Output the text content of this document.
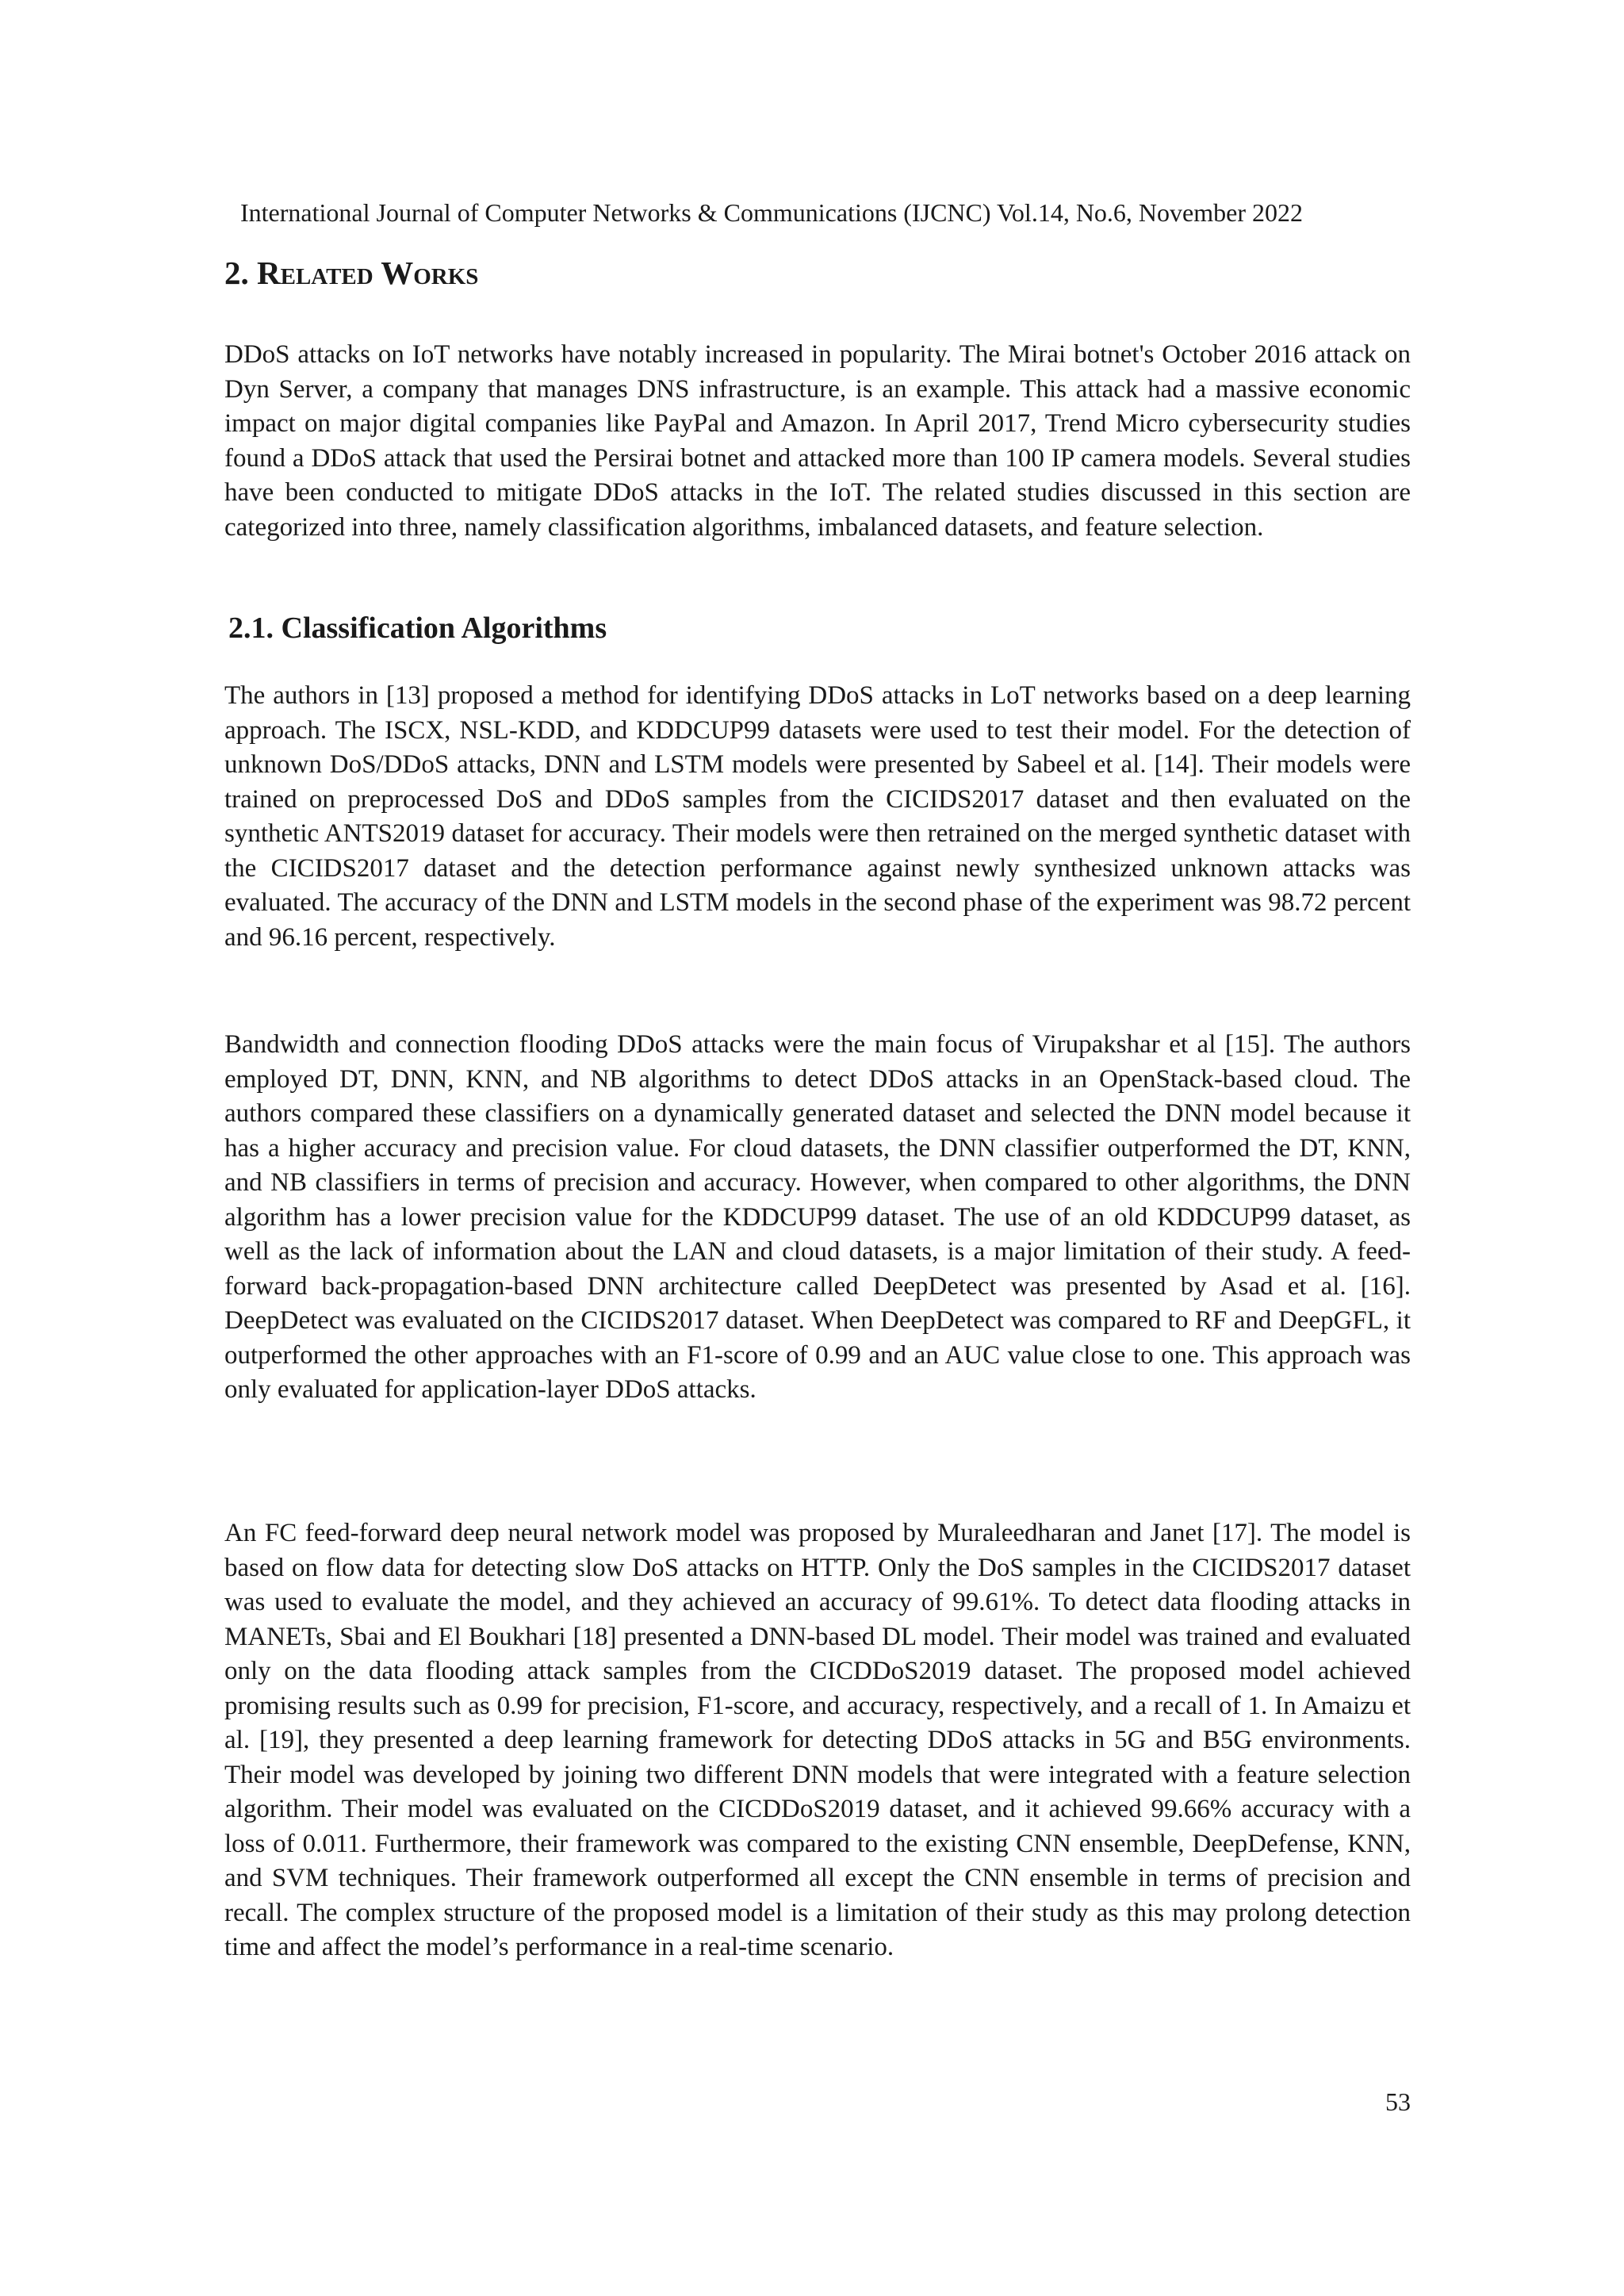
International Journal of Computer Networks & Communications (IJCNC) Vol.14, No.6, November 2022
2. Related Works

DDoS attacks on IoT networks have notably increased in popularity. The Mirai botnet's October 2016 attack on Dyn Server, a company that manages DNS infrastructure, is an example. This attack had a massive economic impact on major digital companies like PayPal and Amazon. In April 2017, Trend Micro cybersecurity studies found a DDoS attack that used the Persirai botnet and attacked more than 100 IP camera models. Several studies have been conducted to mitigate DDoS attacks in the IoT. The related studies discussed in this section are categorized into three, namely classification algorithms, imbalanced datasets, and feature selection.

2.1. Classification Algorithms

The authors in [13] proposed a method for identifying DDoS attacks in LoT networks based on a deep learning approach. The ISCX, NSL-KDD, and KDDCUP99 datasets were used to test their model. For the detection of unknown DoS/DDoS attacks, DNN and LSTM models were presented by Sabeel et al. [14]. Their models were trained on preprocessed DoS and DDoS samples from the CICIDS2017 dataset and then evaluated on the synthetic ANTS2019 dataset for accuracy. Their models were then retrained on the merged synthetic dataset with the CICIDS2017 dataset and the detection performance against newly synthesized unknown attacks was evaluated. The accuracy of the DNN and LSTM models in the second phase of the experiment was 98.72 percent and 96.16 percent, respectively.

Bandwidth and connection flooding DDoS attacks were the main focus of Virupakshar et al [15]. The authors employed DT, DNN, KNN, and NB algorithms to detect DDoS attacks in an OpenStack-based cloud. The authors compared these classifiers on a dynamically generated dataset and selected the DNN model because it has a higher accuracy and precision value. For cloud datasets, the DNN classifier outperformed the DT, KNN, and NB classifiers in terms of precision and accuracy. However, when compared to other algorithms, the DNN algorithm has a lower precision value for the KDDCUP99 dataset. The use of an old KDDCUP99 dataset, as well as the lack of information about the LAN and cloud datasets, is a major limitation of their study. A feed-forward back-propagation-based DNN architecture called DeepDetect was presented by Asad et al. [16]. DeepDetect was evaluated on the CICIDS2017 dataset. When DeepDetect was compared to RF and DeepGFL, it outperformed the other approaches with an F1-score of 0.99 and an AUC value close to one. This approach was only evaluated for application-layer DDoS attacks.

An FC feed-forward deep neural network model was proposed by Muraleedharan and Janet [17]. The model is based on flow data for detecting slow DoS attacks on HTTP. Only the DoS samples in the CICIDS2017 dataset was used to evaluate the model, and they achieved an accuracy of 99.61%. To detect data flooding attacks in MANETs, Sbai and El Boukhari [18] presented a DNN-based DL model. Their model was trained and evaluated only on the data flooding attack samples from the CICDDoS2019 dataset. The proposed model achieved promising results such as 0.99 for precision, F1-score, and accuracy, respectively, and a recall of 1. In Amaizu et al. [19], they presented a deep learning framework for detecting DDoS attacks in 5G and B5G environments. Their model was developed by joining two different DNN models that were integrated with a feature selection algorithm. Their model was evaluated on the CICDDoS2019 dataset, and it achieved 99.66% accuracy with a loss of 0.011. Furthermore, their framework was compared to the existing CNN ensemble, DeepDefense, KNN, and SVM techniques. Their framework outperformed all except the CNN ensemble in terms of precision and recall. The complex structure of the proposed model is a limitation of their study as this may prolong detection time and affect the model’s performance in a real-time scenario.

53
